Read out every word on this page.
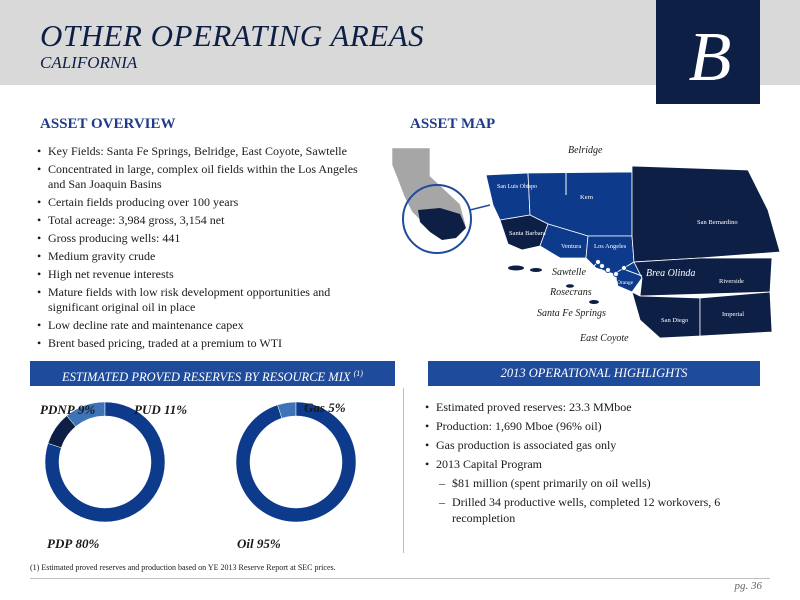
OTHER OPERATING AREAS
CALIFORNIA	B
ASSET OVERVIEW
• Key Fields: Santa Fe Springs, Belridge, East Coyote, Sawtelle
• Concentrated in large, complex oil fields within the Los Angeles and San Joaquin Basins
• Certain fields producing over 100 years
• Total acreage: 3,984 gross, 3,154 net
• Gross producing wells: 441
• Medium gravity crude
• High net revenue interests
• Mature fields with low risk development opportunities and significant original oil in place
• Low decline rate and maintenance capex
• Brent based pricing, traded at a premium to WTI
ASSET MAP
San Luis Obispo
Kern
Santa Barbara
Ventura Los Angeles
San Bernardino
Orange	Riverside
San Diego
Imperial
Belridge
Sawtelle
Rosecrans
Santa Fe Springs
East Coyote
Brea Olinda
ESTIMATED PROVED RESERVES BY RESOURCE MIX $^{(1)}$	2013 OPERATIONAL HIGHLIGHTS
PDNP 9%	PUD 11%
PDP 80%
Gas 5%
Oil 95%
• Estimated proved reserves: 23.3 MMboe
• Production: 1,690 Mboe (96% oil)
• Gas production is associated gas only
• 2013 Capital Program
– $81 million (spent primarily on oil wells)
– Drilled 34 productive wells, completed 12 workovers, 6 recompletion
(1) Estimated proved reserves and production based on YE 2013 Reserve Report at SEC prices.
pg. 36
